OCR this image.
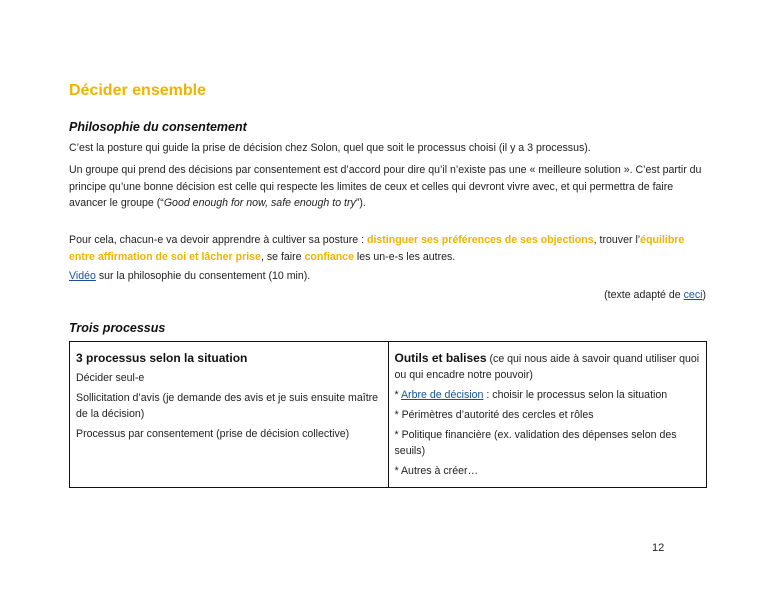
Décider ensemble
Philosophie du consentement
C’est la posture qui guide la prise de décision chez Solon, quel que soit le processus choisi (il y a 3 processus).
Un groupe qui prend des décisions par consentement est d’accord pour dire qu’il n’existe pas une « meilleure solution ». C’est partir du principe qu’une bonne décision est celle qui respecte les limites de ceux et celles qui devront vivre avec, et qui permettra de faire avancer le groupe (“Good enough for now, safe enough to try”).
Pour cela, chacun-e va devoir apprendre à cultiver sa posture : distinguer ses préférences de ses objections, trouver l’équilibre entre affirmation de soi et lâcher prise, se faire confiance les un-e-s les autres.
Vidéo sur la philosophie du consentement (10 min).
(texte adapté de ceci)
Trois processus

3 processus selon la situation

Décider seul-e

Sollicitation d’avis (je demande des avis et je suis ensuite maître de la décision)

Processus par consentement (prise de décision collective)

Outils et balises (ce qui nous aide à savoir quand utiliser quoi ou qui encadre notre pouvoir)

* Arbre de décision : choisir le processus selon la situation

* Périmètres d’autorité des cercles et rôles

* Politique financière (ex. validation des dépenses selon des seuils)

* Autres à créer…

12
